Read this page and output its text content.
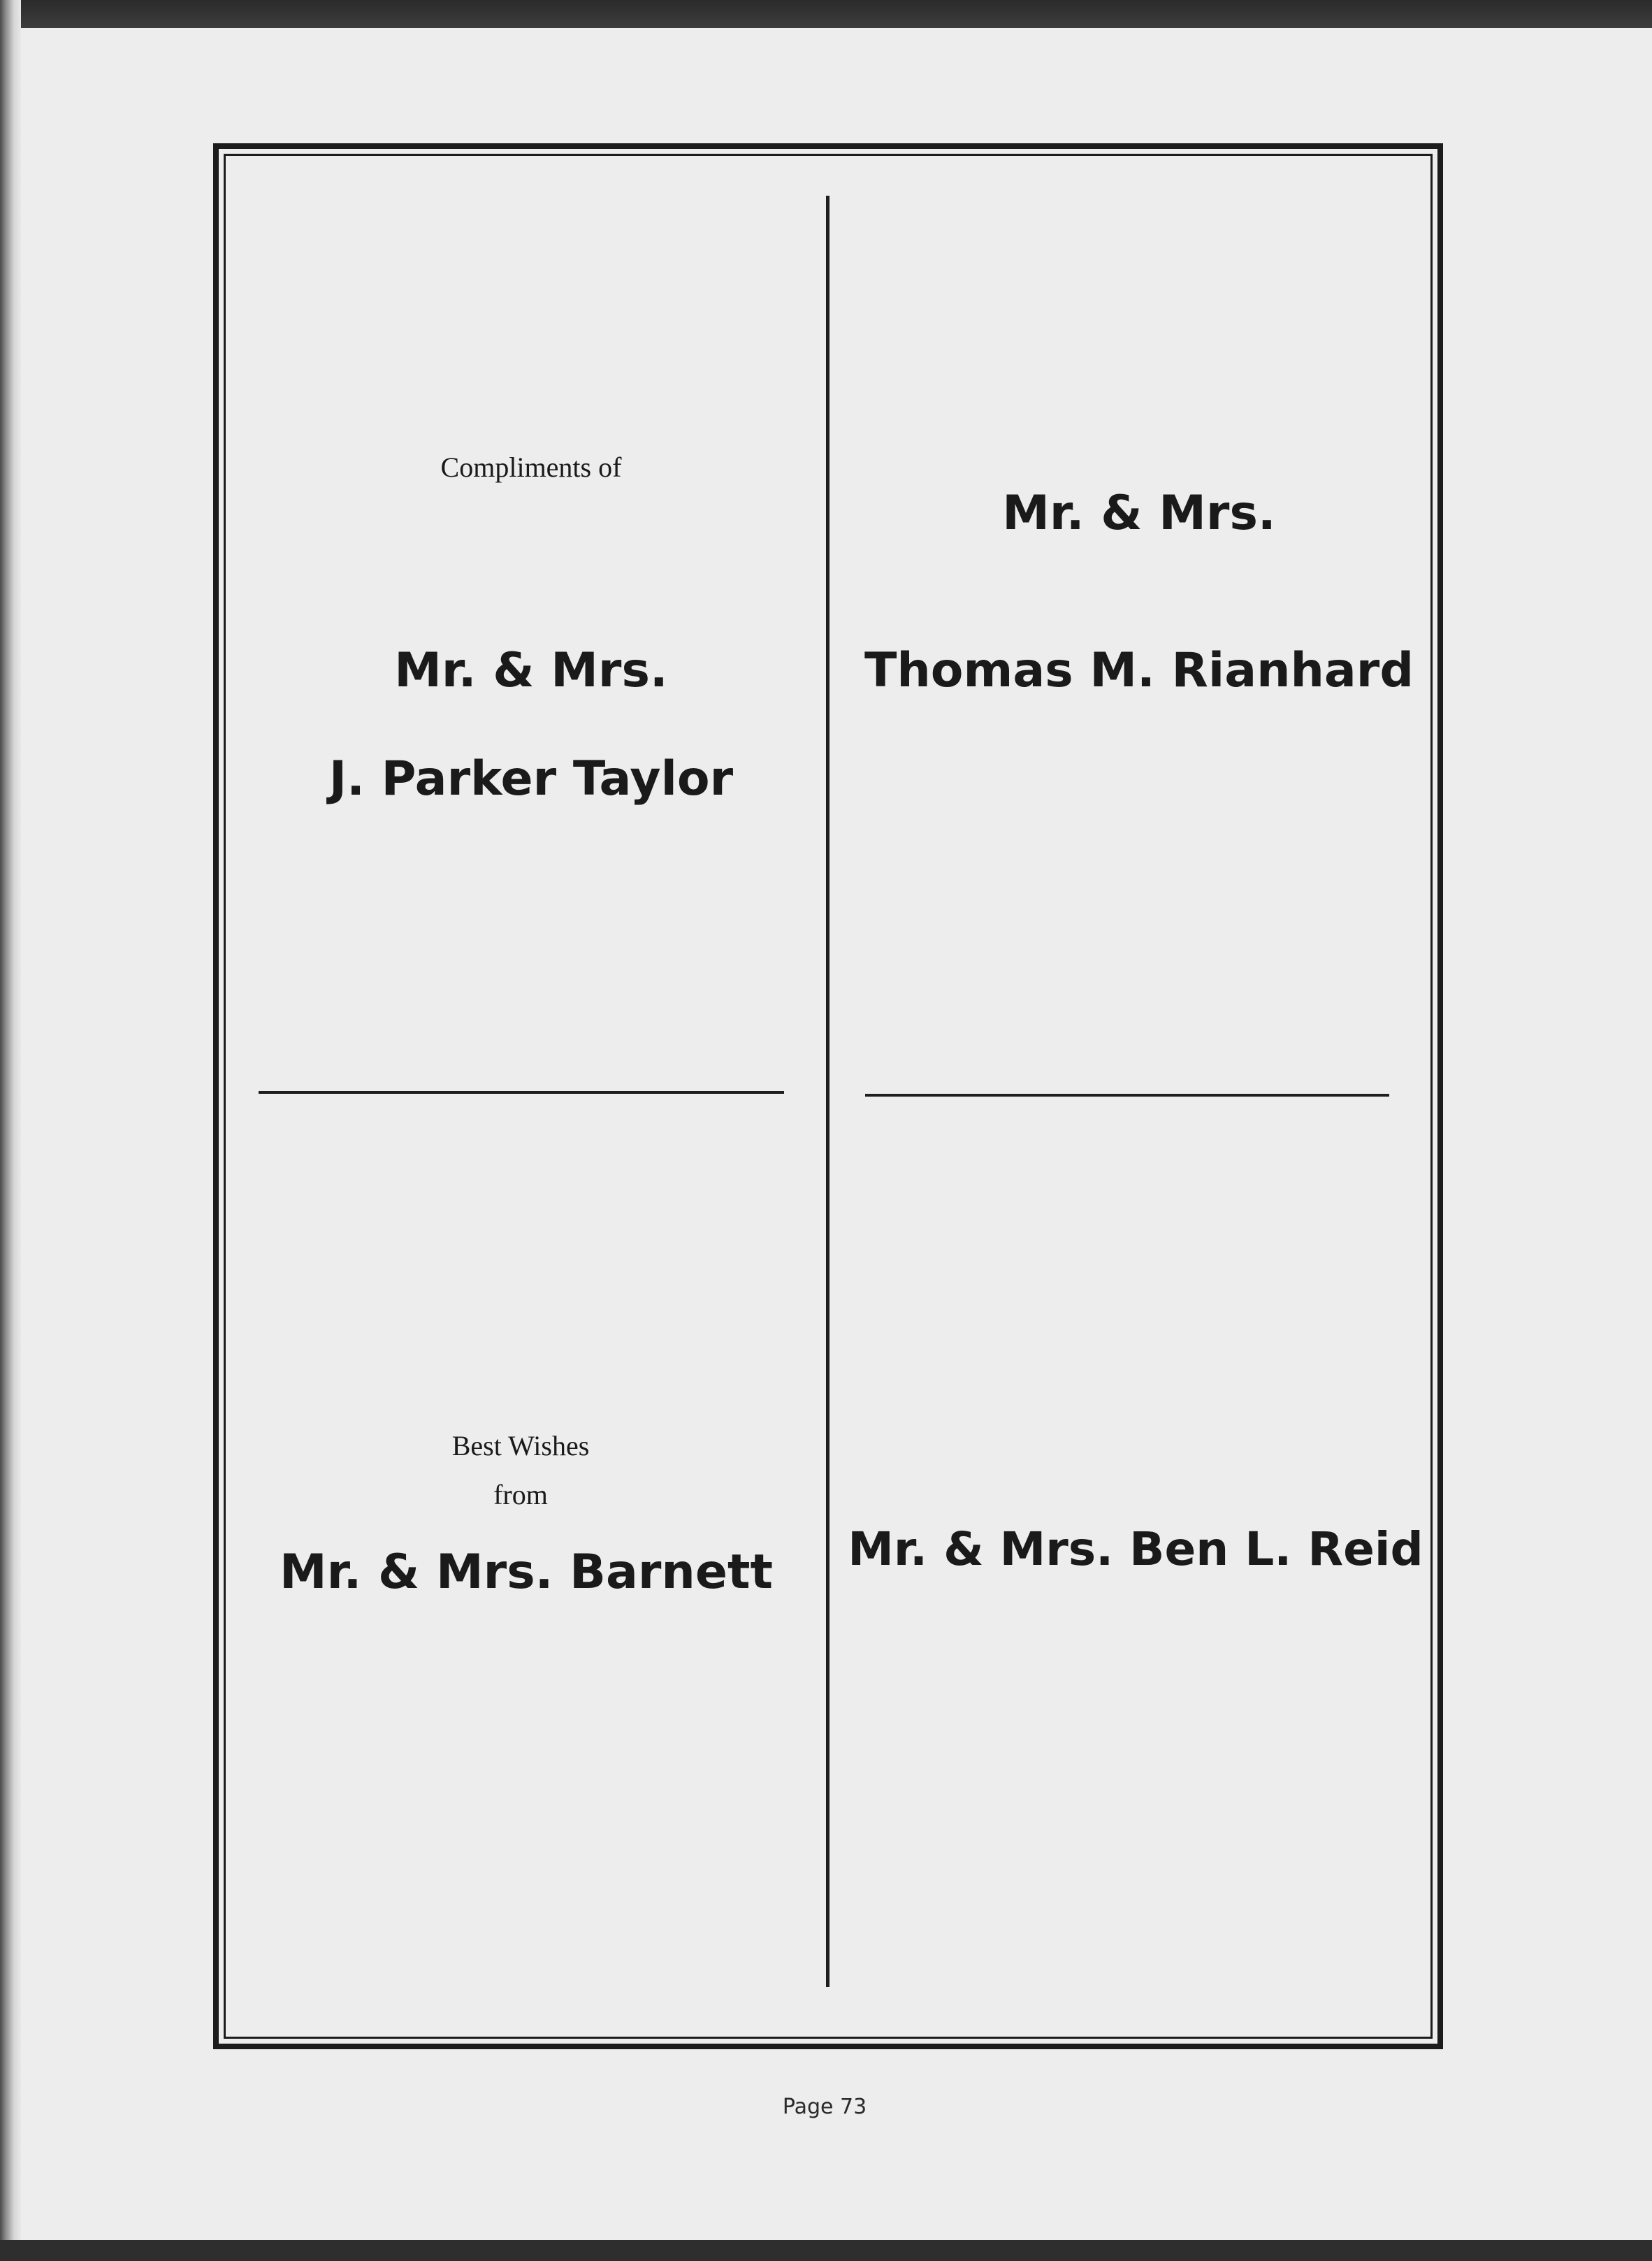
Compliments of
Mr. & Mrs.
J. Parker Taylor
Mr. & Mrs.
Thomas M. Rianhard
Best Wishes
from
Mr. & Mrs. Barnett Mr. & Mrs. Ben L. Reid
Page 73
